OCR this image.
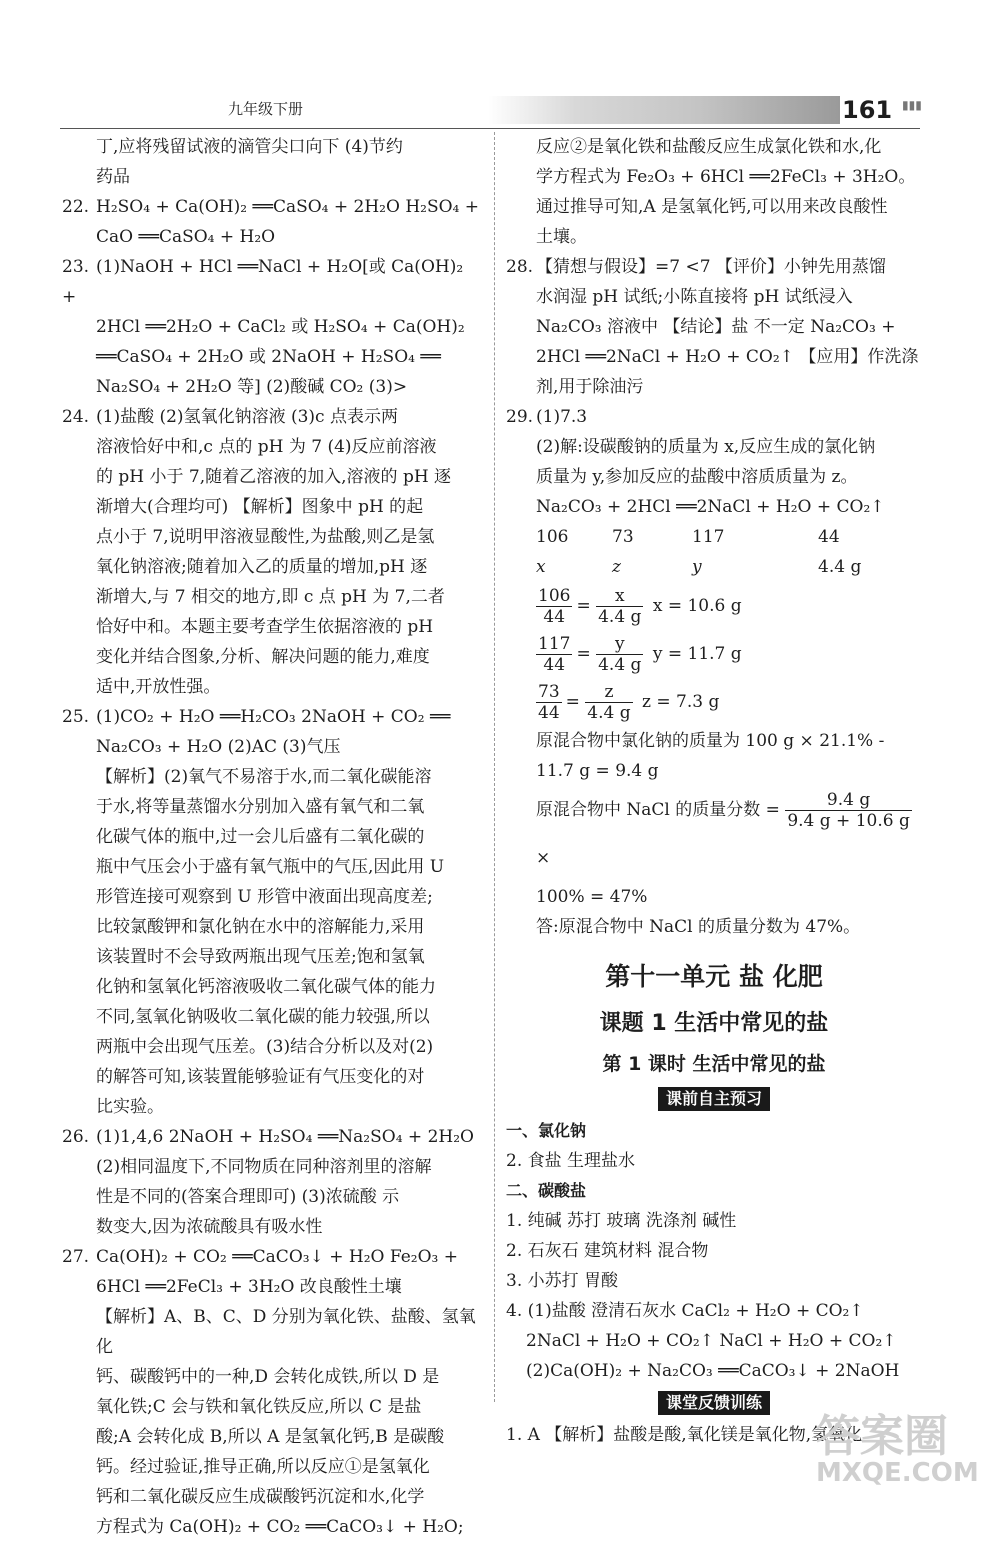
九年级下册	161 ▮▮▮
丁,应将残留试液的滴管尖口向下 (4)节约
药品
22. H₂SO₄ + Ca(OH)₂ ══CaSO₄ + 2H₂O H₂SO₄ +
CaO ══CaSO₄ + H₂O
23. (1)NaOH + HCl ══NaCl + H₂O[或 Ca(OH)₂ +
2HCl ══2H₂O + CaCl₂ 或 H₂SO₄ + Ca(OH)₂
══CaSO₄ + 2H₂O 或 2NaOH + H₂SO₄ ══
Na₂SO₄ + 2H₂O 等] (2)酸碱 CO₂ (3)>
24. (1)盐酸 (2)氢氧化钠溶液 (3)c 点表示两
溶液恰好中和,c 点的 pH 为 7 (4)反应前溶液
的 pH 小于 7,随着乙溶液的加入,溶液的 pH 逐
渐增大(合理均可) 【解析】图象中 pH 的起
点小于 7,说明甲溶液显酸性,为盐酸,则乙是氢
氧化钠溶液;随着加入乙的质量的增加,pH 逐
渐增大,与 7 相交的地方,即 c 点 pH 为 7,二者
恰好中和。本题主要考查学生依据溶液的 pH
变化并结合图象,分析、解决问题的能力,难度
适中,开放性强。
25. (1)CO₂ + H₂O ══H₂CO₃ 2NaOH + CO₂ ══
Na₂CO₃ + H₂O (2)AC (3)气压
【解析】(2)氧气不易溶于水,而二氧化碳能溶
于水,将等量蒸馏水分别加入盛有氧气和二氧
化碳气体的瓶中,过一会儿后盛有二氧化碳的
瓶中气压会小于盛有氧气瓶中的气压,因此用 U
形管连接可观察到 U 形管中液面出现高度差;
比较氯酸钾和氯化钠在水中的溶解能力,采用
该装置时不会导致两瓶出现气压差;饱和氢氧
化钠和氢氧化钙溶液吸收二氧化碳气体的能力
不同,氢氧化钠吸收二氧化碳的能力较强,所以
两瓶中会出现气压差。(3)结合分析以及对(2)
的解答可知,该装置能够验证有气压变化的对
比实验。
26. (1)1,4,6 2NaOH + H₂SO₄ ══Na₂SO₄ + 2H₂O
(2)相同温度下,不同物质在同种溶剂里的溶解
性是不同的(答案合理即可) (3)浓硫酸 示
数变大,因为浓硫酸具有吸水性
27. Ca(OH)₂ + CO₂ ══CaCO₃↓ + H₂O Fe₂O₃ +
6HCl ══2FeCl₃ + 3H₂O 改良酸性土壤
【解析】A、B、C、D 分别为氧化铁、盐酸、氢氧化
钙、碳酸钙中的一种,D 会转化成铁,所以 D 是
氧化铁;C 会与铁和氧化铁反应,所以 C 是盐
酸;A 会转化成 B,所以 A 是氢氧化钙,B 是碳酸
钙。经过验证,推导正确,所以反应①是氢氧化
钙和二氧化碳反应生成碳酸钙沉淀和水,化学
方程式为 Ca(OH)₂ + CO₂ ══CaCO₃↓ + H₂O;
反应②是氧化铁和盐酸反应生成氯化铁和水,化
学方程式为 Fe₂O₃ + 6HCl ══2FeCl₃ + 3H₂O。
通过推导可知,A 是氢氧化钙,可以用来改良酸性
土壤。
28. 【猜想与假设】=7 <7 【评价】小钟先用蒸馏
水润湿 pH 试纸;小陈直接将 pH 试纸浸入
Na₂CO₃ 溶液中 【结论】盐 不一定 Na₂CO₃ +
2HCl ══2NaCl + H₂O + CO₂↑ 【应用】作洗涤
剂,用于除油污
29. (1)7.3
(2)解:设碳酸钠的质量为 x,反应生成的氯化钠
质量为 y,参加反应的盐酸中溶质质量为 z。
Na₂CO₃ + 2HCl ══2NaCl + H₂O + CO₂↑
106	73	117	44
x	z	y	4.4 g
$\frac{106}{44} = \frac{x}{4.4 g}$ x = 10.6 g
$\frac{117}{44} = \frac{y}{4.4 g}$ y = 11.7 g
$\frac{73}{44} = \frac{z}{4.4 g}$ z = 7.3 g
原混合物中氯化钠的质量为 100 g × 21.1% -
11.7 g = 9.4 g
原混合物中 NaCl 的质量分数 = $\frac{9.4 g}{9.4 g + 10.6 g}$
×
100% = 47%
答:原混合物中 NaCl 的质量分数为 47%。
第十一单元 盐 化肥
课题 1 生活中常见的盐
第 1 课时 生活中常见的盐
课前自主预习
一、氯化钠
2. 食盐 生理盐水
二、碳酸盐
1. 纯碱 苏打 玻璃 洗涤剂 碱性
2. 石灰石 建筑材料 混合物
3. 小苏打 胃酸
4. (1)盐酸 澄清石灰水 CaCl₂ + H₂O + CO₂↑
2NaCl + H₂O + CO₂↑ NaCl + H₂O + CO₂↑
(2)Ca(OH)₂ + Na₂CO₃ ══CaCO₃↓ + 2NaOH
课堂反馈训练
1. A 【解析】盐酸是酸,氧化镁是氧化物,氢氧化
答案圈
MXQE.COM
